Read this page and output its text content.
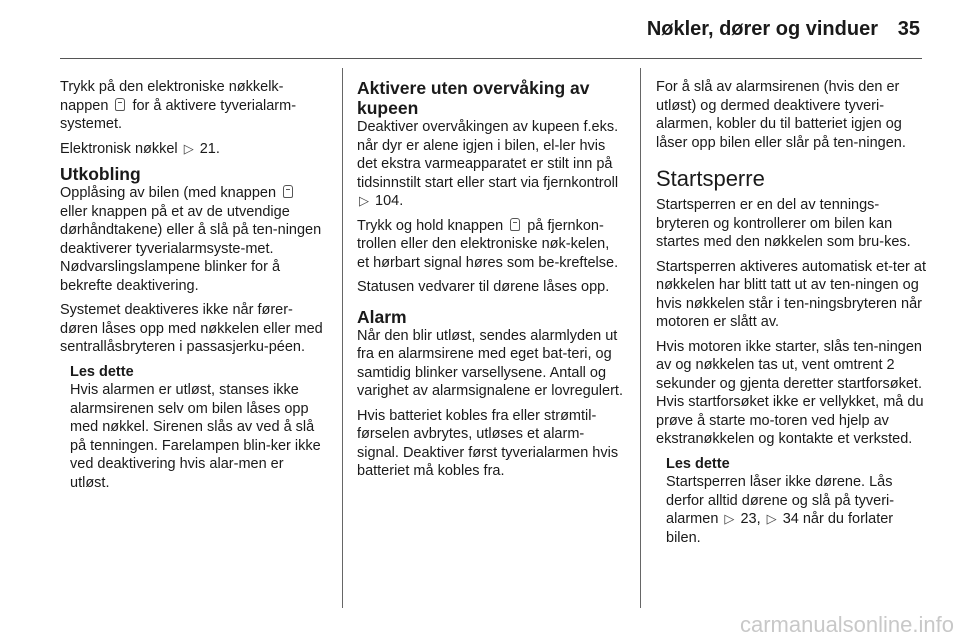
Nøkler, dører og vinduer 35

Trykk på den elektroniske nøkkelk-nappen for å aktivere tyverialarm-systemet.

Elektronisk nøkkel ▷ 21.

Utkobling

Opplåsing av bilen (med knappen  eller knappen på et av de utvendige dørhåndtakene) eller å slå på ten-ningen deaktiverer tyverialarmsyste-met. Nødvarslingslampene blinker for å bekrefte deaktivering.

Systemet deaktiveres ikke når fører-døren låses opp med nøkkelen eller med sentrallåsbryteren i passasjerku-péen.

Les dette
Hvis alarmen er utløst, stanses ikke alarmsirenen selv om bilen låses opp med nøkkel. Sirenen slås av ved å slå på tenningen. Farelampen blin-ker ikke ved deaktivering hvis alar-men er utløst.
Aktivere uten overvåking av kupeen

Deaktiver overvåkingen av kupeen f.eks. når dyr er alene igjen i bilen, el-ler hvis det ekstra varmeapparatet er stilt inn på tidsinnstilt start eller start via fjernkontroll ▷ 104.

Trykk og hold knappen på fjernkon-trollen eller den elektroniske nøk-kelen, et hørbart signal høres som be-kreftelse.

Statusen vedvarer til dørene låses opp.

Alarm

Når den blir utløst, sendes alarmlyden ut fra en alarmsirene med eget bat-teri, og samtidig blinker varsellysene. Antall og varighet av alarmsignalene er lovregulert.

Hvis batteriet kobles fra eller strømtil-førselen avbrytes, utløses et alarm-signal. Deaktiver først tyverialarmen hvis batteriet må kobles fra.

For å slå av alarmsirenen (hvis den er utløst) og dermed deaktivere tyveri-alarmen, kobler du til batteriet igjen og låser opp bilen eller slår på ten-ningen.

Startsperre

Startsperren er en del av tennings-bryteren og kontrollerer om bilen kan startes med den nøkkelen som bru-kes.

Startsperren aktiveres automatisk et-ter at nøkkelen har blitt tatt ut av ten-ningen og hvis nøkkelen står i ten-ningsbryteren når motoren er slått av.

Hvis motoren ikke starter, slås ten-ningen av og nøkkelen tas ut, vent omtrent 2 sekunder og gjenta deretter startforsøket. Hvis startforsøket ikke er vellykket, må du prøve å starte mo-toren ved hjelp av ekstranøkkelen og kontakte et verksted.

Les dette
Startsperren låser ikke dørene. Lås derfor alltid dørene og slå på tyveri-alarmen ▷ 23, ▷ 34 når du forlater bilen.
carmanualsonline.info
